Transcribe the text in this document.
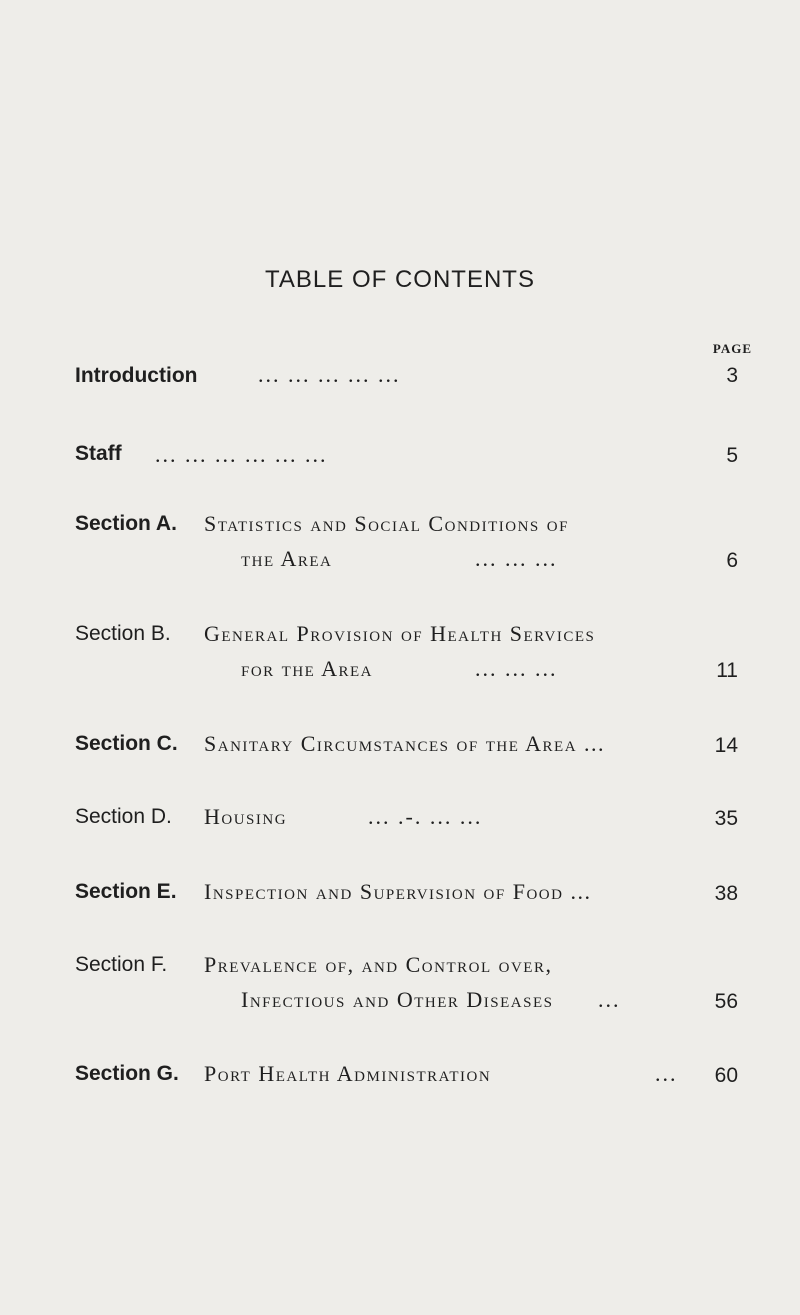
TABLE OF CONTENTS
PAGE
Introduction	... ... ... ... ...	3
Staff ... ... ... ... ... ...	5
Section A. Statistics and Social Conditions of
the Area	... ... ...	6
Section B. General Provision of Health Services
for the Area	... ... ...	11
Section C. Sanitary Circumstances of the Area ...	14
Section D. Housing	... .-. ... ...	35
Section E. Inspection and Supervision of Food ...	38
Section F. Prevalence of, and Control over,
Infectious and Other Diseases ...	56
Section G. Port Health Administration	...	60
